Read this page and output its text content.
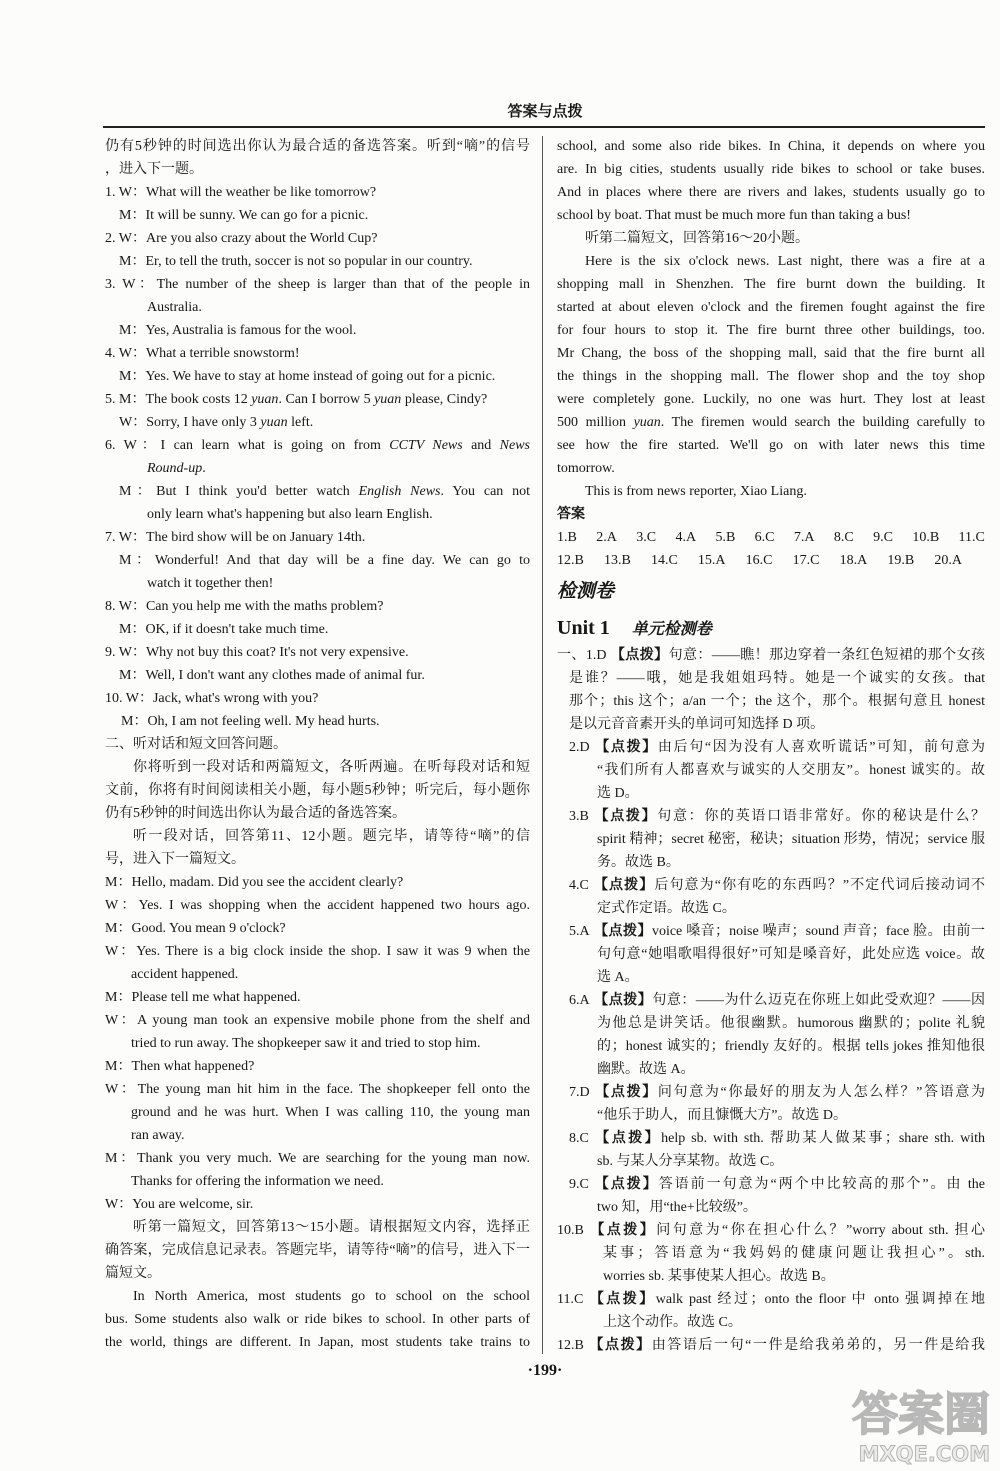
答案与点拨
仍有5秒钟的时间选出你认为最合适的备选答案。听到“嘀”的信号
，进入下一题。
1. W：What will the weather be like tomorrow?
M：It will be sunny. We can go for a picnic.
2. W：Are you also crazy about the World Cup?
M：Er, to tell the truth, soccer is not so popular in our country.
3. W：The number of the sheep is larger than that of the people in
Australia.
M：Yes, Australia is famous for the wool.
4. W：What a terrible snowstorm!
M：Yes. We have to stay at home instead of going out for a picnic.
5. M：The book costs 12 yuan. Can I borrow 5 yuan please, Cindy?
W：Sorry, I have only 3 yuan left.
6. W：I can learn what is going on from CCTV News and News
Round-up.
M：But I think you'd better watch English News. You can not
only learn what's happening but also learn English.
7. W：The bird show will be on January 14th.
M：Wonderful! And that day will be a fine day. We can go to
watch it together then!
8. W：Can you help me with the maths problem?
M：OK, if it doesn't take much time.
9. W：Why not buy this coat? It's not very expensive.
M：Well, I don't want any clothes made of animal fur.
10. W：Jack, what's wrong with you?
M：Oh, I am not feeling well. My head hurts.
二、听对话和短文回答问题。
你将听到一段对话和两篇短文，各听两遍。在听每段对话和短
文前，你将有时间阅读相关小题，每小题5秒钟；听完后，每小题你
仍有5秒钟的时间选出你认为最合适的备选答案。
听一段对话，回答第11、12小题。题完毕，请等待“嘀”的信
号，进入下一篇短文。
M：Hello, madam. Did you see the accident clearly?
W：Yes. I was shopping when the accident happened two hours ago.
M：Good. You mean 9 o'clock?
W：Yes. There is a big clock inside the shop. I saw it was 9 when the
accident happened.
M：Please tell me what happened.
W：A young man took an expensive mobile phone from the shelf and
tried to run away. The shopkeeper saw it and tried to stop him.
M：Then what happened?
W：The young man hit him in the face. The shopkeeper fell onto the
ground and he was hurt. When I was calling 110, the young man
ran away.
M：Thank you very much. We are searching for the young man now.
Thanks for offering the information we need.
W：You are welcome, sir.
听第一篇短文，回答第13～15小题。请根据短文内容，选择正
确答案，完成信息记录表。答题完毕，请等待“嘀”的信号，进入下一
篇短文。
In North America, most students go to school on the school
bus. Some students also walk or ride bikes to school. In other parts of
the world, things are different. In Japan, most students take trains to
school, and some also ride bikes. In China, it depends on where you
are. In big cities, students usually ride bikes to school or take buses.
And in places where there are rivers and lakes, students usually go to
school by boat. That must be much more fun than taking a bus!
听第二篇短文，回答第16～20小题。
Here is the six o'clock news. Last night, there was a fire at a
shopping mall in Shenzhen. The fire burnt down the building. It
started at about eleven o'clock and the firemen fought against the fire
for four hours to stop it. The fire burnt three other buildings, too.
Mr Chang, the boss of the shopping mall, said that the fire burnt all
the things in the shopping mall. The flower shop and the toy shop
were completely gone. Luckily, no one was hurt. They lost at least
500 million yuan. The firemen would search the building carefully to
see how the fire started. We'll go on with later news this time
tomorrow.
This is from news reporter, Xiao Liang.
答案
1.B 2.A 3.C 4.A 5.B 6.C 7.A 8.C 9.C 10.B 11.C
12.B 13.B 14.C 15.A 16.C 17.C 18.A 19.B 20.A
检测卷
Unit 1 单元检测卷
一、1.D 【点拨】句意：——瞧！那边穿着一条红色短裙的那个女孩
是谁？——哦，她是我姐姐玛特。她是一个诚实的女孩。that
那个；this 这个；a/an 一个；the 这个，那个。根据句意且 honest
是以元音音素开头的单词可知选择 D 项。
2.D 【点拨】由后句“因为没有人喜欢听谎话”可知，前句意为
“我们所有人都喜欢与诚实的人交朋友”。honest 诚实的。故
选 D。
3.B 【点拨】句意：你的英语口语非常好。你的秘诀是什么？
spirit 精神；secret 秘密，秘诀；situation 形势，情况；service 服
务。故选 B。
4.C 【点拨】后句意为“你有吃的东西吗？”不定代词后接动词不
定式作定语。故选 C。
5.A 【点拨】voice 嗓音；noise 噪声；sound 声音；face 脸。由前一
句句意“她唱歌唱得很好”可知是嗓音好，此处应选 voice。故
选 A。
6.A 【点拨】句意：——为什么迈克在你班上如此受欢迎？——因
为他总是讲笑话。他很幽默。humorous 幽默的；polite 礼貌
的；honest 诚实的；friendly 友好的。根据 tells jokes 推知他很
幽默。故选 A。
7.D 【点拨】问句意为“你最好的朋友为人怎么样？”答语意为
“他乐于助人，而且慷慨大方”。故选 D。
8.C 【点拨】help sb. with sth. 帮助某人做某事；share sth. with
sb. 与某人分享某物。故选 C。
9.C 【点拨】答语前一句意为“两个中比较高的那个”。由 the
two 知，用“the+比较级”。
10.B 【点拨】问句意为“你在担心什么？”worry about sth. 担心
某事；答语意为“我妈妈的健康问题让我担心”。sth.
worries sb. 某事使某人担心。故选 B。
11.C 【点拨】walk past 经过；onto the floor 中 onto 强调掉在地
上这个动作。故选 C。
12.B 【点拨】由答语后一句“一件是给我弟弟的，另一件是给我
·199·
答案圈
MXQE.COM
